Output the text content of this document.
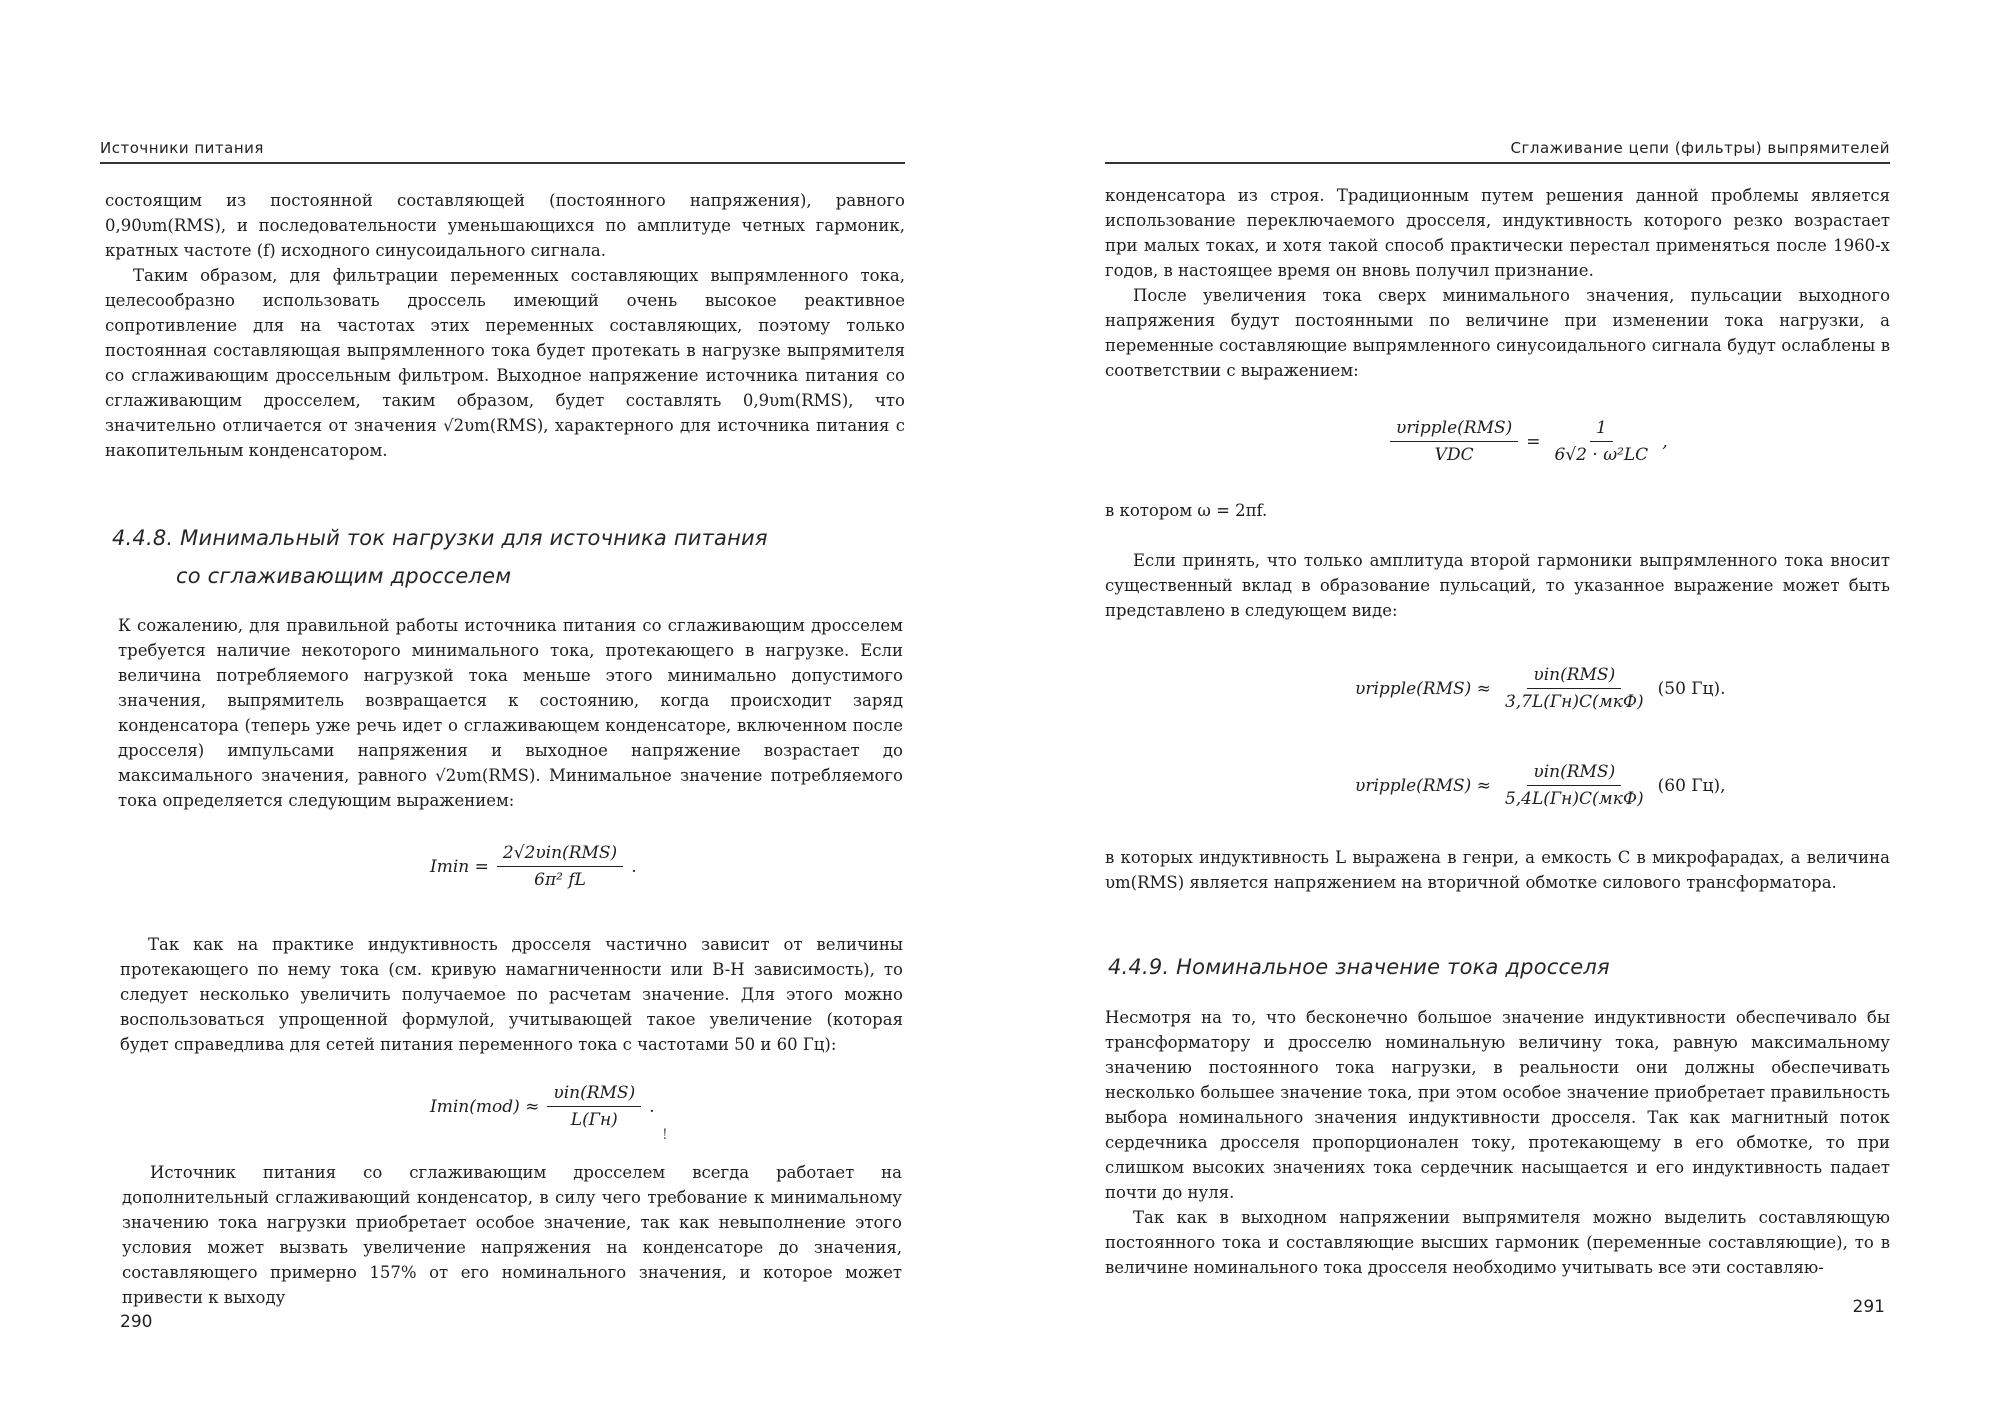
Источники питания

состоящим из постоянной составляющей (постоянного напряжения), равного 0,90υm(RMS), и последовательности уменьшающихся по амплитуде четных гармоник, кратных частоте (f) исходного синусоидального сигнала.

Таким образом, для фильтрации переменных составляющих выпрямленного тока, целесообразно использовать дроссель имеющий очень высокое реактивное сопротивление для на частотах этих переменных составляющих, поэтому только постоянная составляющая выпрямленного тока будет протекать в нагрузке выпрямителя со сглаживающим дроссельным фильтром. Выходное напряжение источника питания со сглаживающим дросселем, таким образом, будет составлять 0,9υm(RMS), что значительно отличается от значения √2υm(RMS), характерного для источника питания с накопительным конденсатором.

4.4.8. Минимальный ток нагрузки для источника питания
со сглаживающим дросселем

К сожалению, для правильной работы источника питания со сглаживающим дросселем требуется наличие некоторого минимального тока, протекающего в нагрузке. Если величина потребляемого нагрузкой тока меньше этого минимально допустимого значения, выпрямитель возвращается к состоянию, когда происходит заряд конденсатора (теперь уже речь идет о сглаживающем конденсаторе, включенном после дросселя) импульсами напряжения и выходное напряжение возрастает до максимального значения, равного √2υm(RMS). Минимальное значение потребляемого тока определяется следующим выражением:

$Imin = \frac{\text{2√2υin(RMS)}}{\text{6π² fL}}$ .

Так как на практике индуктивность дросселя частично зависит от величины протекающего по нему тока (см. кривую намагниченности или B-H зависимость), то следует несколько увеличить получаемое по расчетам значение. Для этого можно воспользоваться упрощенной формулой, учитывающей такое увеличение (которая будет справедлива для сетей питания переменного тока с частотами 50 и 60 Гц):

$Imin(mod) \approx \frac{\text{υin(RMS)}}{L(Гн)}$ .
!

Источник питания со сглаживающим дросселем всегда работает на дополнительный сглаживающий конденсатор, в силу чего требование к минимальному значению тока нагрузки приобретает особое значение, так как невыполнение этого условия может вызвать увеличение напряжения на конденсаторе до значения, составляющего примерно 157% от его номинального значения, и которое может привести к выходу

290
Сглаживание цепи (фильтры) выпрямителей

конденсатора из строя. Традиционным путем решения данной проблемы является использование переключаемого дросселя, индуктивность которого резко возрастает при малых токах, и хотя такой способ практически перестал применяться после 1960-х годов, в настоящее время он вновь получил признание.

После увеличения тока сверх минимального значения, пульсации выходного напряжения будут постоянными по величине при изменении тока нагрузки, а переменные составляющие выпрямленного синусоидального сигнала будут ослаблены в соответствии с выражением:

$\frac{\text{υripple(RMS)}}{\text{VDC}} = \frac{1}{\text{6√2 · ω²LC}}$ ,

в котором ω = 2πf.

Если принять, что только амплитуда второй гармоники выпрямленного тока вносит существенный вклад в образование пульсаций, то указанное выражение может быть представлено в следующем виде:

υripple(RMS) ≈ $\frac{\text{υin(RMS)}}{\text{3,7L(Гн)C(мкФ)}} (50$ Гц).
υripple(RMS) ≈ $\frac{\text{υin(RMS)}}{\text{5,4L(Гн)C(мкФ)}} (60$ Гц),

в которых индуктивность L выражена в генри, а емкость C в микрофарадах, а величина υm(RMS) является напряжением на вторичной обмотке силового трансформатора.

4.4.9. Номинальное значение тока дросселя

Несмотря на то, что бесконечно большое значение индуктивности обеспечивало бы трансформатору и дросселю номинальную величину тока, равную максимальному значению постоянного тока нагрузки, в реальности они должны обеспечивать несколько большее значение тока, при этом особое значение приобретает правильность выбора номинального значения индуктивности дросселя. Так как магнитный поток сердечника дросселя пропорционален току, протекающему в его обмотке, то при слишком высоких значениях тока сердечник насыщается и его индуктивность падает почти до нуля.

Так как в выходном напряжении выпрямителя можно выделить составляющую постоянного тока и составляющие высших гармоник (переменные составляющие), то в величине номинального тока дросселя необходимо учитывать все эти составляю-

291
